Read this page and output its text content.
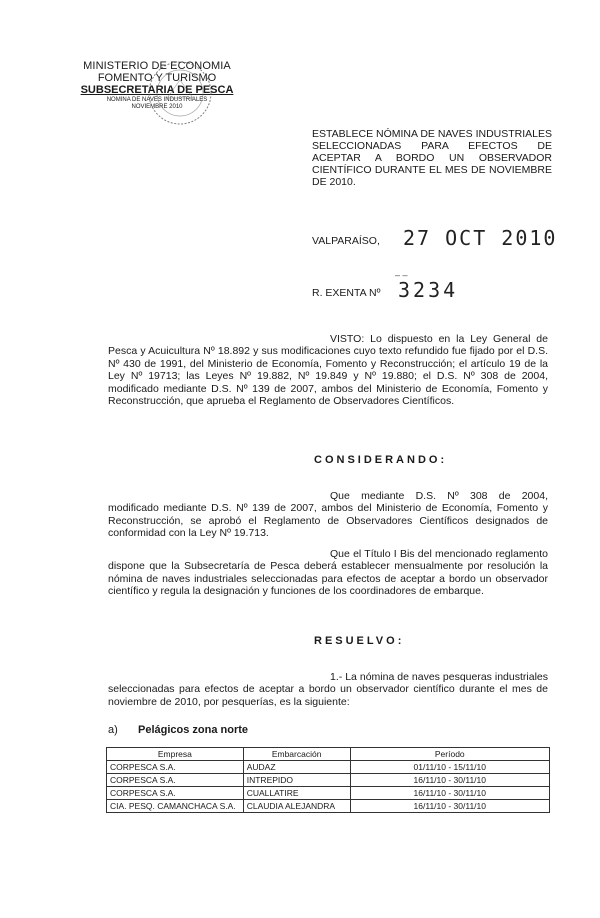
MINISTERIO DE ECONOMIA
FOMENTO Y TURISMO
SUBSECRETARIA DE PESCA
NOMINA DE NAVES INDUSTRIALES
NOVIEMBRE 2010
ESTABLECE NÓMINA DE NAVES INDUSTRIALES SELECCIONADAS PARA EFECTOS DE ACEPTAR A BORDO UN OBSERVADOR CIENTÍFICO DURANTE EL MES DE NOVIEMBRE DE 2010.
VALPARAÍSO, 27 OCT 2010
– –
R. EXENTA Nº 3234
VISTO: Lo dispuesto en la Ley General de Pesca y Acuicultura Nº 18.892 y sus modificaciones cuyo texto refundido fue fijado por el D.S. Nº 430 de 1991, del Ministerio de Economía, Fomento y Reconstrucción; el artículo 19 de la Ley Nº 19713; las Leyes Nº 19.882, Nº 19.849 y Nº 19.880; el D.S. Nº 308 de 2004, modificado mediante D.S. Nº 139 de 2007, ambos del Ministerio de Economía, Fomento y Reconstrucción, que aprueba el Reglamento de Observadores Científicos.
CONSIDERANDO:
Que mediante D.S. Nº 308 de 2004, modificado mediante D.S. Nº 139 de 2007, ambos del Ministerio de Economía, Fomento y Reconstrucción, se aprobó el Reglamento de Observadores Científicos designados de conformidad con la Ley Nº 19.713.
Que el Título I Bis del mencionado reglamento dispone que la Subsecretaría de Pesca deberá establecer mensualmente por resolución la nómina de naves industriales seleccionadas para efectos de aceptar a bordo un observador científico y regula la designación y funciones de los coordinadores de embarque.
RESUELVO:
1.- La nómina de naves pesqueras industriales seleccionadas para efectos de aceptar a bordo un observador científico durante el mes de noviembre de 2010, por pesquerías, es la siguiente:
a) Pelágicos zona norte
Empresa	Embarcación	Período
CORPESCA S.A.	AUDAZ	01/11/10 - 15/11/10
CORPESCA S.A.	INTREPIDO	16/11/10 - 30/11/10
CORPESCA S.A.	CUALLATIRE	16/11/10 - 30/11/10
CIA. PESQ. CAMANCHACA S.A.	CLAUDIA ALEJANDRA	16/11/10 - 30/11/10
